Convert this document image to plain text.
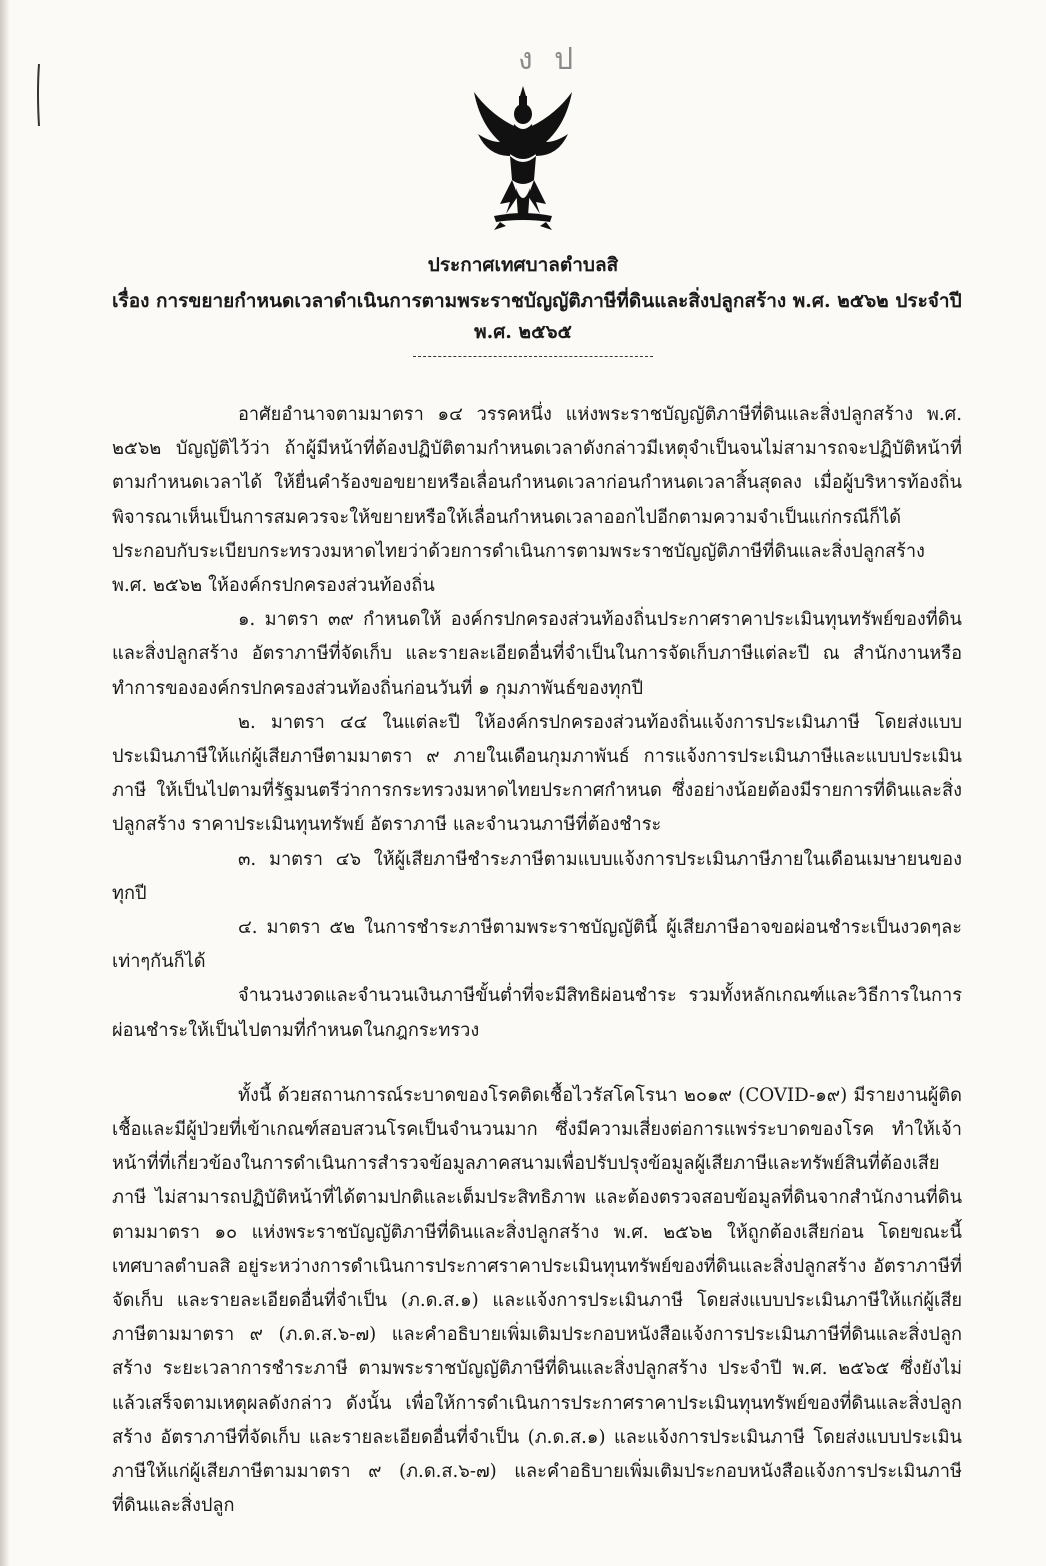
ง ป
ประกาศเทศบาลตำบลสิ
เรื่อง การขยายกำหนดเวลาดำเนินการตามพระราชบัญญัติภาษีที่ดินและสิ่งปลูกสร้าง พ.ศ. ๒๕๖๒ ประจำปี
พ.ศ. ๒๕๖๕

อาศัยอำนาจตามมาตรา ๑๔ วรรคหนึ่ง แห่งพระราชบัญญัติภาษีที่ดินและสิ่งปลูกสร้าง พ.ศ. ๒๕๖๒ บัญญัติไว้ว่า ถ้าผู้มีหน้าที่ต้องปฏิบัติตามกำหนดเวลาดังกล่าวมีเหตุจำเป็นจนไม่สามารถจะปฏิบัติหน้าที่ตามกำหนดเวลาได้ ให้ยื่นคำร้องขอขยายหรือเลื่อนกำหนดเวลาก่อนกำหนดเวลาสิ้นสุดลง เมื่อผู้บริหารท้องถิ่นพิจารณาเห็นเป็นการสมควรจะให้ขยายหรือให้เลื่อนกำหนดเวลาออกไปอีกตามความจำเป็นแก่กรณีก็ได้ ประกอบกับระเบียบกระทรวงมหาดไทยว่าด้วยการดำเนินการตามพระราชบัญญัติภาษีที่ดินและสิ่งปลูกสร้าง พ.ศ. ๒๕๖๒ ให้องค์กรปกครองส่วนท้องถิ่น

๑. มาตรา ๓๙ กำหนดให้ องค์กรปกครองส่วนท้องถิ่นประกาศราคาประเมินทุนทรัพย์ของที่ดินและสิ่งปลูกสร้าง อัตราภาษีที่จัดเก็บ และรายละเอียดอื่นที่จำเป็นในการจัดเก็บภาษีแต่ละปี ณ สำนักงานหรือทำการขององค์กรปกครองส่วนท้องถิ่นก่อนวันที่ ๑ กุมภาพันธ์ของทุกปี

๒. มาตรา ๔๔ ในแต่ละปี ให้องค์กรปกครองส่วนท้องถิ่นแจ้งการประเมินภาษี โดยส่งแบบประเมินภาษีให้แก่ผู้เสียภาษีตามมาตรา ๙ ภายในเดือนกุมภาพันธ์ การแจ้งการประเมินภาษีและแบบประเมินภาษี ให้เป็นไปตามที่รัฐมนตรีว่าการกระทรวงมหาดไทยประกาศกำหนด ซึ่งอย่างน้อยต้องมีรายการที่ดินและสิ่งปลูกสร้าง ราคาประเมินทุนทรัพย์ อัตราภาษี และจำนวนภาษีที่ต้องชำระ

๓. มาตรา ๔๖ ให้ผู้เสียภาษีชำระภาษีตามแบบแจ้งการประเมินภาษีภายในเดือนเมษายนของทุกปี

๔. มาตรา ๕๒ ในการชำระภาษีตามพระราชบัญญัตินี้ ผู้เสียภาษีอาจขอผ่อนชำระเป็นงวดๆละเท่าๆกันก็ได้

จำนวนงวดและจำนวนเงินภาษีขั้นต่ำที่จะมีสิทธิผ่อนชำระ รวมทั้งหลักเกณฑ์และวิธีการในการผ่อนชำระให้เป็นไปตามที่กำหนดในกฎกระทรวง

ทั้งนี้ ด้วยสถานการณ์ระบาดของโรคติดเชื้อไวรัสโคโรนา ๒๐๑๙ (COVID-๑๙) มีรายงานผู้ติดเชื้อและมีผู้ป่วยที่เข้าเกณฑ์สอบสวนโรคเป็นจำนวนมาก ซึ่งมีความเสี่ยงต่อการแพร่ระบาดของโรค ทำให้เจ้าหน้าที่ที่เกี่ยวข้องในการดำเนินการสำรวจข้อมูลภาคสนามเพื่อปรับปรุงข้อมูลผู้เสียภาษีและทรัพย์สินที่ต้องเสียภาษี ไม่สามารถปฏิบัติหน้าที่ได้ตามปกติและเต็มประสิทธิภาพ และต้องตรวจสอบข้อมูลที่ดินจากสำนักงานที่ดินตามมาตรา ๑๐ แห่งพระราชบัญญัติภาษีที่ดินและสิ่งปลูกสร้าง พ.ศ. ๒๕๖๒ ให้ถูกต้องเสียก่อน โดยขณะนี้ เทศบาลตำบลสิ อยู่ระหว่างการดำเนินการประกาศราคาประเมินทุนทรัพย์ของที่ดินและสิ่งปลูกสร้าง อัตราภาษีที่จัดเก็บ และรายละเอียดอื่นที่จำเป็น (ภ.ด.ส.๑) และแจ้งการประเมินภาษี โดยส่งแบบประเมินภาษีให้แก่ผู้เสียภาษีตามมาตรา ๙ (ภ.ด.ส.๖-๗) และคำอธิบายเพิ่มเติมประกอบหนังสือแจ้งการประเมินภาษีที่ดินและสิ่งปลูกสร้าง ระยะเวลาการชำระภาษี ตามพระราชบัญญัติภาษีที่ดินและสิ่งปลูกสร้าง ประจำปี พ.ศ. ๒๕๖๕ ซึ่งยังไม่แล้วเสร็จตามเหตุผลดังกล่าว ดังนั้น เพื่อให้การดำเนินการประกาศราคาประเมินทุนทรัพย์ของที่ดินและสิ่งปลูกสร้าง อัตราภาษีที่จัดเก็บ และรายละเอียดอื่นที่จำเป็น (ภ.ด.ส.๑) และแจ้งการประเมินภาษี โดยส่งแบบประเมินภาษีให้แก่ผู้เสียภาษีตามมาตรา ๙ (ภ.ด.ส.๖-๗) และคำอธิบายเพิ่มเติมประกอบหนังสือแจ้งการประเมินภาษีที่ดินและสิ่งปลูก
